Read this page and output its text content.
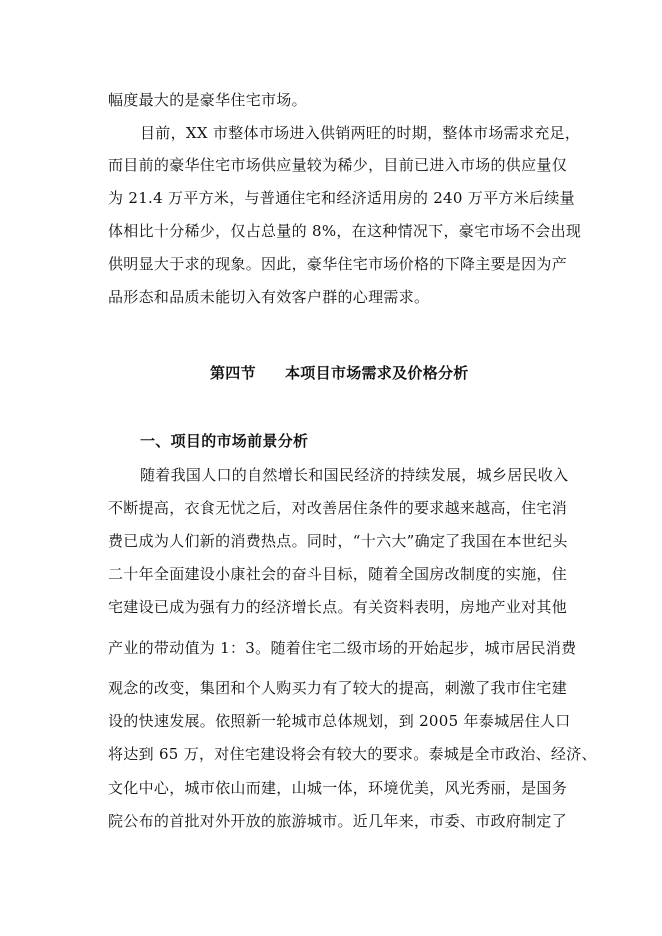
幅度最大的是豪华住宅市场。
目前，XX 市整体市场进入供销两旺的时期，整体市场需求充足，
而目前的豪华住宅市场供应量较为稀少，目前已进入市场的供应量仅
为 21.4 万平方米，与普通住宅和经济适用房的 240 万平方米后续量
体相比十分稀少，仅占总量的 8%，在这种情况下，豪宅市场不会出现
供明显大于求的现象。因此，豪华住宅市场价格的下降主要是因为产
品形态和品质未能切入有效客户群的心理需求。
第四节 本项目市场需求及价格分析
一、项目的市场前景分析
随着我国人口的自然增长和国民经济的持续发展，城乡居民收入
不断提高，衣食无忧之后，对改善居住条件的要求越来越高，住宅消
费已成为人们新的消费热点。同时，“十六大”确定了我国在本世纪头
二十年全面建设小康社会的奋斗目标，随着全国房改制度的实施，住
宅建设已成为强有力的经济增长点。有关资料表明，房地产业对其他
产业的带动值为 1：3。随着住宅二级市场的开始起步，城市居民消费
观念的改变，集团和个人购买力有了较大的提高，刺激了我市住宅建
设的快速发展。依照新一轮城市总体规划，到 2005 年泰城居住人口
将达到 65 万，对住宅建设将会有较大的要求。泰城是全市政治、经济、
文化中心，城市依山而建，山城一体，环境优美，风光秀丽，是国务
院公布的首批对外开放的旅游城市。近几年来，市委、市政府制定了
